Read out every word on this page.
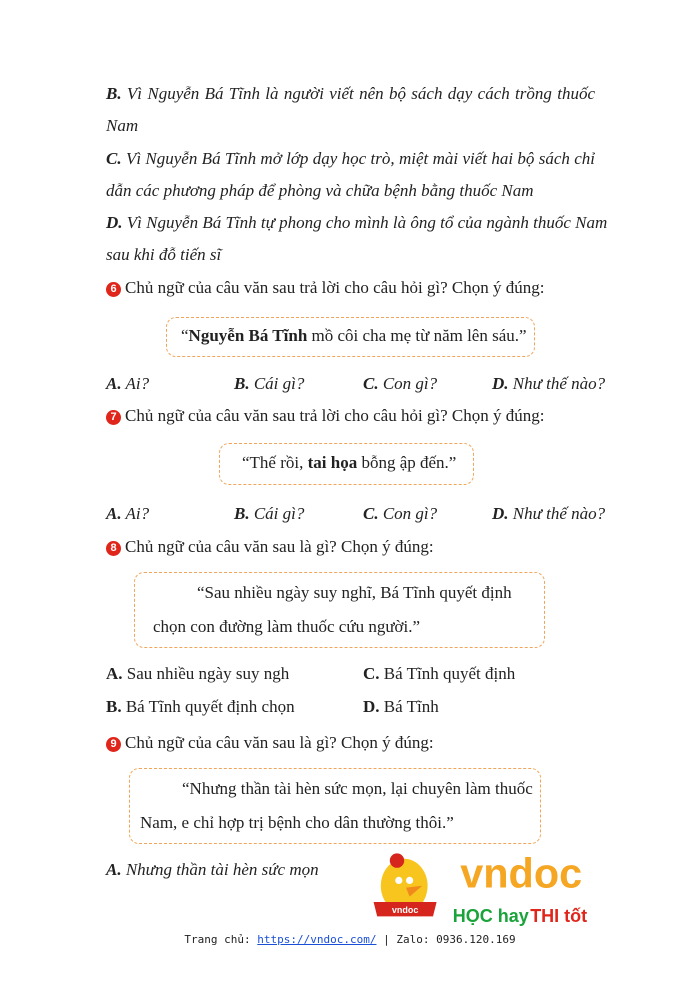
B. Vì Nguyễn Bá Tĩnh là người viết nên bộ sách dạy cách trồng thuốc
Nam
C. Vì Nguyễn Bá Tĩnh mở lớp dạy học trò, miệt mài viết hai bộ sách chỉ
dẫn các phương pháp để phòng và chữa bệnh bằng thuốc Nam
D. Vì Nguyễn Bá Tĩnh tự phong cho mình là ông tổ của ngành thuốc Nam
sau khi đỗ tiến sĩ
6 Chủ ngữ của câu văn sau trả lời cho câu hỏi gì? Chọn ý đúng:
“Nguyễn Bá Tĩnh mồ côi cha mẹ từ năm lên sáu.”
A. Ai?	B. Cái gì?	C. Con gì?	D. Như thế nào?
7 Chủ ngữ của câu văn sau trả lời cho câu hỏi gì? Chọn ý đúng:
“Thế rồi, tai họa bỗng ập đến.”
A. Ai?	B. Cái gì?	C. Con gì?	D. Như thế nào?
8 Chủ ngữ của câu văn sau là gì? Chọn ý đúng:
“Sau nhiều ngày suy nghĩ, Bá Tĩnh quyết định
chọn con đường làm thuốc cứu người.”
A. Sau nhiều ngày suy ngh	C. Bá Tĩnh quyết định
B. Bá Tĩnh quyết định chọn	D. Bá Tĩnh
9 Chủ ngữ của câu văn sau là gì? Chọn ý đúng:
“Nhưng thần tài hèn sức mọn, lại chuyên làm thuốc
Nam, e chỉ hợp trị bệnh cho dân thường thôi.”
A. Nhưng thần tài hèn sức mọn
vndoc
vndoc
HỌC hay THI tốt
Trang chủ: https://vndoc.com/ | Zalo: 0936.120.169
